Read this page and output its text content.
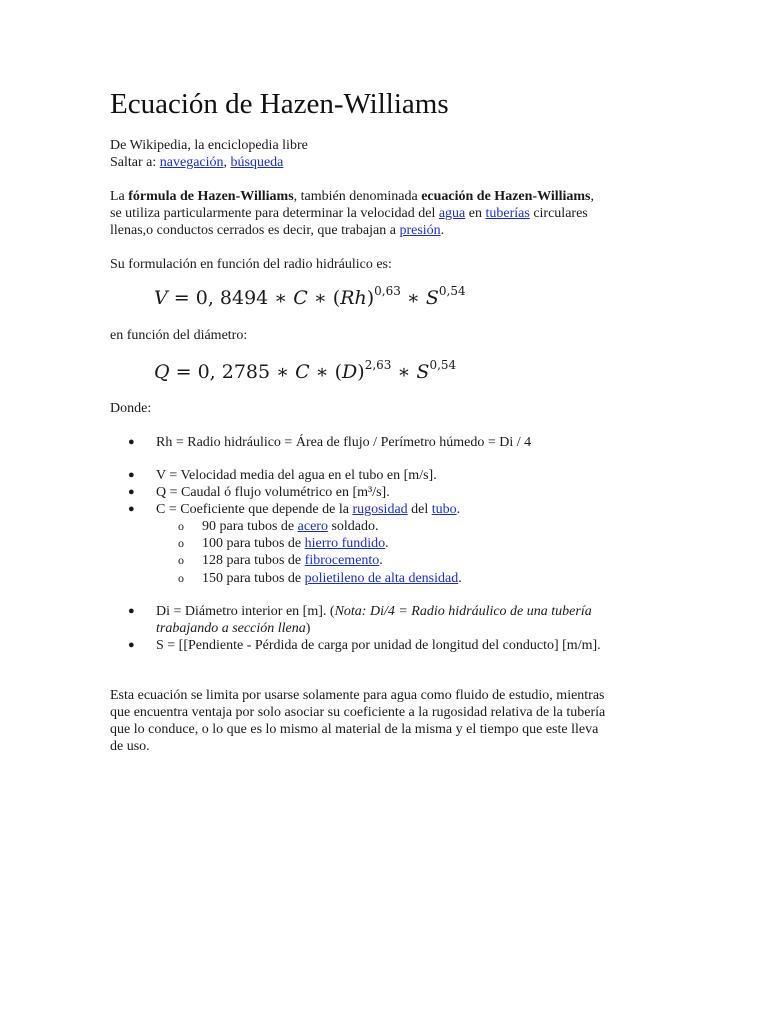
Ecuación de Hazen-Williams
De Wikipedia, la enciclopedia libre
Saltar a: navegación, búsqueda
La fórmula de Hazen-Williams, también denominada ecuación de Hazen-Williams,
se utiliza particularmente para determinar la velocidad del agua en tuberías circulares
llenas,o conductos cerrados es decir, que trabajan a presión.
Su formulación en función del radio hidráulico es:
V = 0, 8494 ∗ C ∗ $(Rh)^{0,63}$ ∗ S$^{0,54}$
en función del diámetro:
Q = 0, 2785 ∗ C ∗ $(D)^{2,63}$ ∗ S$^{0,54}$
Donde:
● Rh = Radio hidráulico = Área de flujo / Perímetro húmedo = Di / 4
● V = Velocidad media del agua en el tubo en [m/s].
● Q = Caudal ó flujo volumétrico en [m³/s].
● C = Coeficiente que depende de la rugosidad del tubo.
o 90 para tubos de acero soldado.
o 100 para tubos de hierro fundido.
o 128 para tubos de fibrocemento.
o 150 para tubos de polietileno de alta densidad.
● Di = Diámetro interior en [m]. (Nota: Di/4 = Radio hidráulico de una tubería
trabajando a sección llena)
● S = [[Pendiente - Pérdida de carga por unidad de longitud del conducto] [m/m].
Esta ecuación se limita por usarse solamente para agua como fluido de estudio, mientras
que encuentra ventaja por solo asociar su coeficiente a la rugosidad relativa de la tubería
que lo conduce, o lo que es lo mismo al material de la misma y el tiempo que este lleva
de uso.
